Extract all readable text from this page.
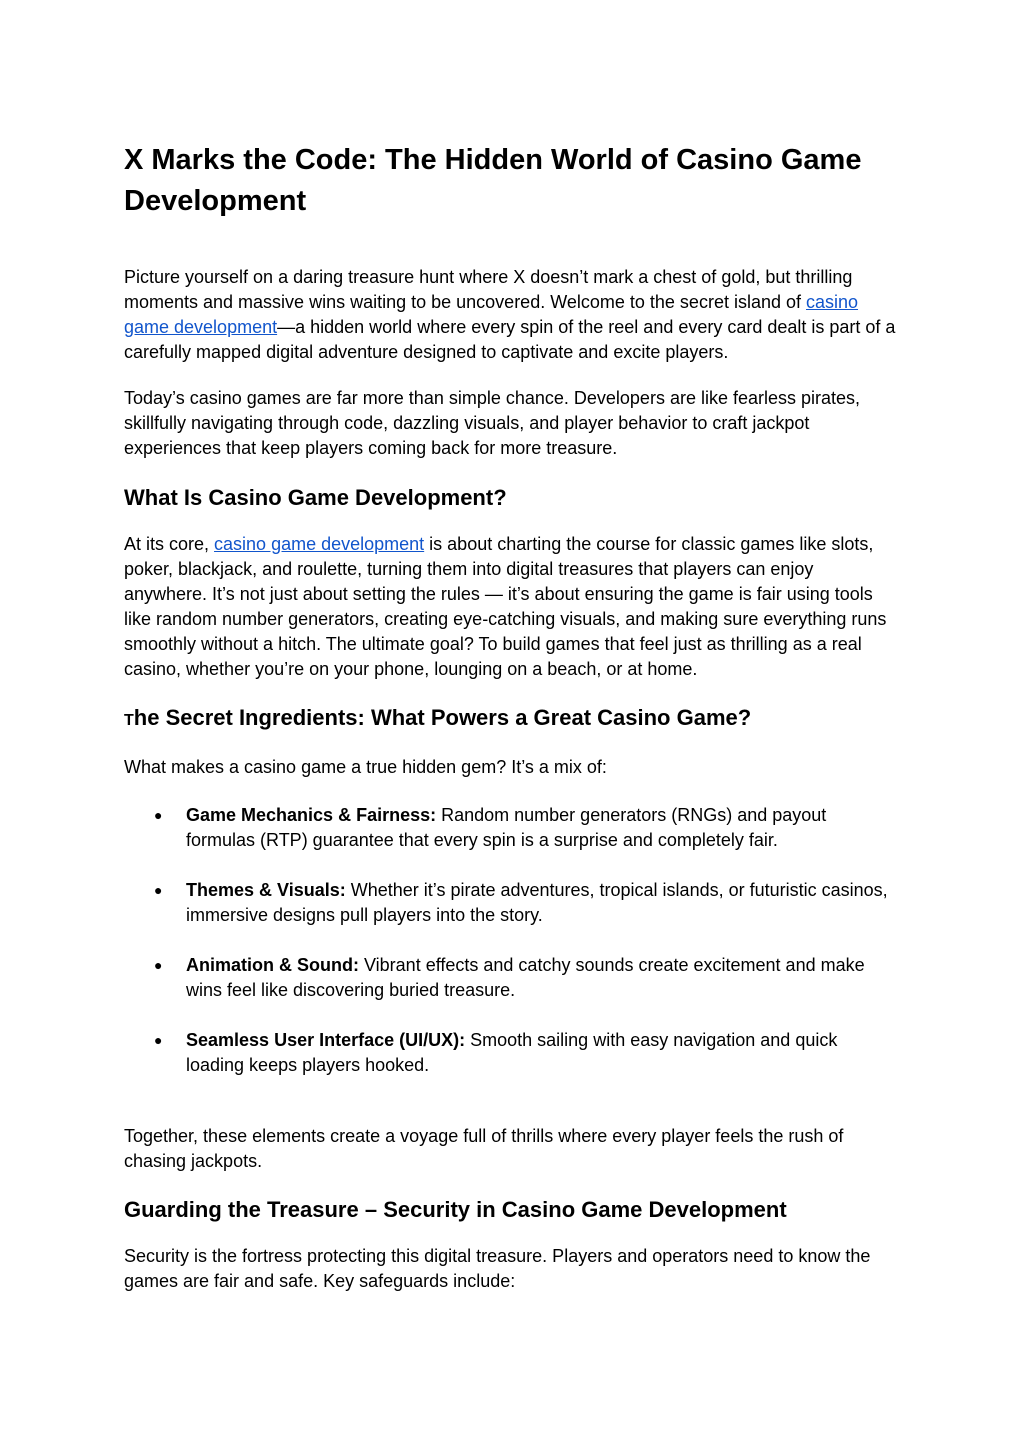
X Marks the Code: The Hidden World of Casino Game Development

Picture yourself on a daring treasure hunt where X doesn’t mark a chest of gold, but thrilling moments and massive wins waiting to be uncovered. Welcome to the secret island of casino game development—a hidden world where every spin of the reel and every card dealt is part of a carefully mapped digital adventure designed to captivate and excite players.

Today’s casino games are far more than simple chance. Developers are like fearless pirates, skillfully navigating through code, dazzling visuals, and player behavior to craft jackpot experiences that keep players coming back for more treasure.

What Is Casino Game Development?

At its core, casino game development is about charting the course for classic games like slots, poker, blackjack, and roulette, turning them into digital treasures that players can enjoy anywhere. It’s not just about setting the rules — it’s about ensuring the game is fair using tools like random number generators, creating eye-catching visuals, and making sure everything runs smoothly without a hitch. The ultimate goal? To build games that feel just as thrilling as a real casino, whether you’re on your phone, lounging on a beach, or at home.

The Secret Ingredients: What Powers a Great Casino Game?

What makes a casino game a true hidden gem? It’s a mix of:

● Game Mechanics & Fairness: Random number generators (RNGs) and payout formulas (RTP) guarantee that every spin is a surprise and completely fair.
● Themes & Visuals: Whether it’s pirate adventures, tropical islands, or futuristic casinos, immersive designs pull players into the story.
● Animation & Sound: Vibrant effects and catchy sounds create excitement and make wins feel like discovering buried treasure.
● Seamless User Interface (UI/UX): Smooth sailing with easy navigation and quick loading keeps players hooked.

Together, these elements create a voyage full of thrills where every player feels the rush of chasing jackpots.

Guarding the Treasure – Security in Casino Game Development

Security is the fortress protecting this digital treasure. Players and operators need to know the games are fair and safe. Key safeguards include:
